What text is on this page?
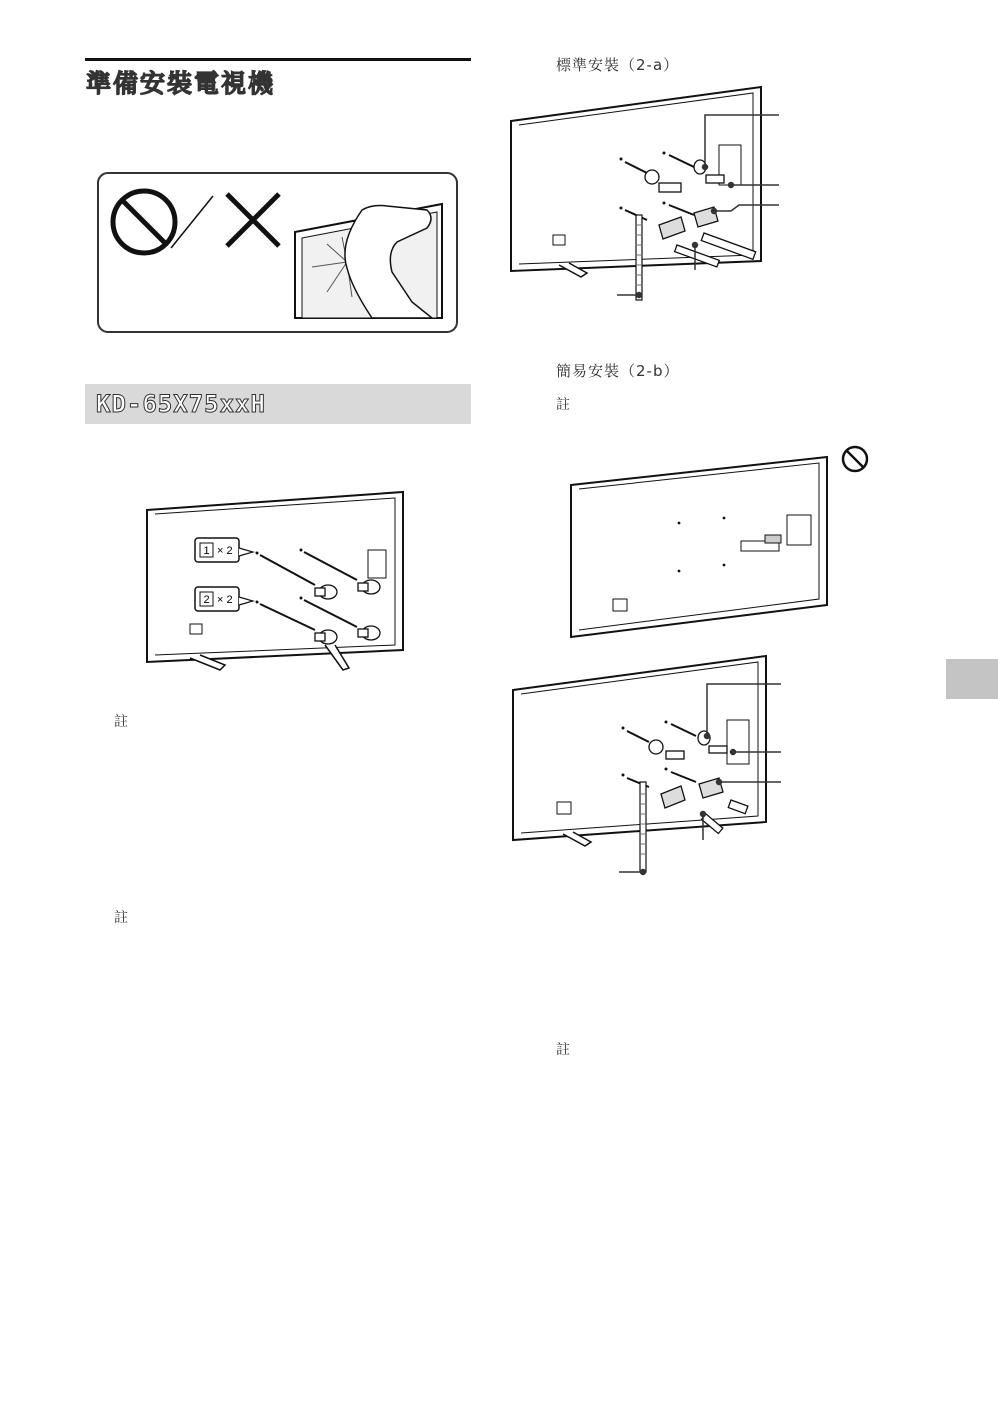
準備安裝電視機
KD-65X75xxH
1 × 2
2 × 2
註
註
標準安裝（2-a）
簡易安裝（2-b）
註
註
